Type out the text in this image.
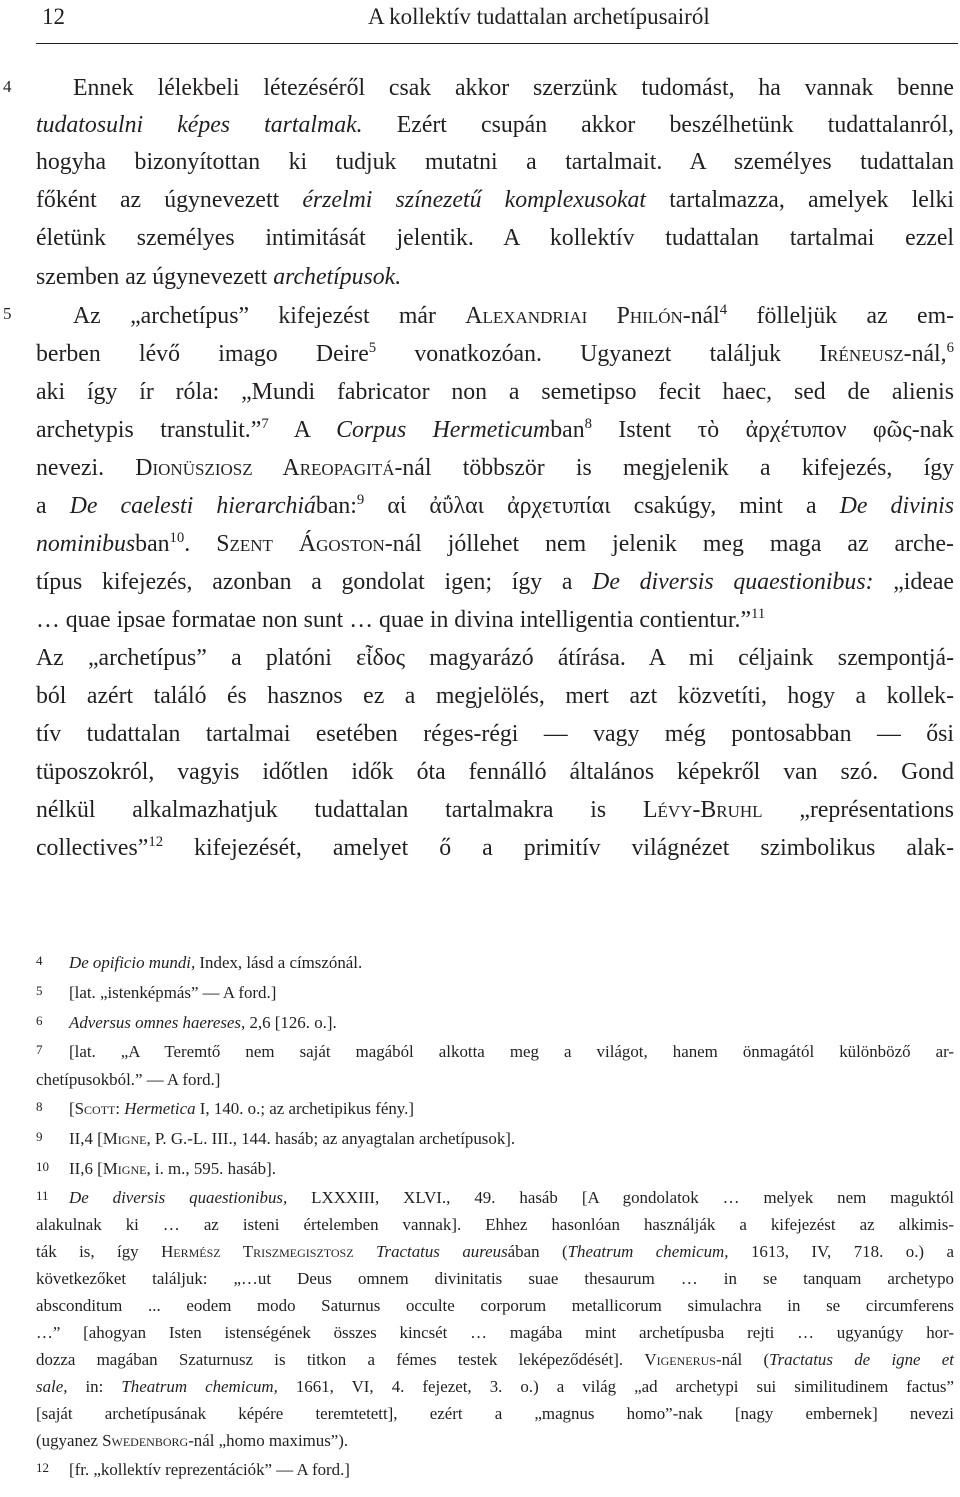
12	A kollektív tudattalan archetípusairól
4
5
Ennek lélekbeli létezéséről csak akkor szerzünk tudomást, ha vannak benne
tudatosulni képes tartalmak. Ezért csupán akkor beszélhetünk tudattalanról,
hogyha bizonyítottan ki tudjuk mutatni a tartalmait. A személyes tudattalan
főként az úgynevezett érzelmi színezetű komplexusokat tartalmazza, amelyek lelki
életünk személyes intimitását jelentik. A kollektív tudattalan tartalmai ezzel
szemben az úgynevezett archetípusok.
Az „archetípus” kifejezést már Alexandriai Philón-nál$^4$ fölleljük az em-
berben lévő imago Deire$^5$ vonatkozóan. Ugyanezt találjuk Iréneusz-nál,$^6$
aki így ír róla: „Mundi fabricator non a semetipso fecit haec, sed de alienis
archetypis transtulit.”$^7$ A Corpus Hermeticumban$^8$ Istent τὸ ἀρχέτυπον φῶς-nak
nevezi. Dionüsziosz Areopagitá-nál többször is megjelenik a kifejezés, így
a De caelesti hierarchiában:$^9$ αἱ ἀΰλαι ἀρχετυπίαι csakúgy, mint a De divinis
nominibusban$^{10}$. Szent Ágoston-nál jóllehet nem jelenik meg maga az arche-
típus kifejezés, azonban a gondolat igen; így a De diversis quaestionibus: „ideae
… quae ipsae formatae non sunt … quae in divina intelligentia contientur.”$^{11}$
Az „archetípus” a platóni εἶδος magyarázó átírása. A mi céljaink szempontjá-
ból azért találó és hasznos ez a megjelölés, mert azt közvetíti, hogy a kollek-
tív tudattalan tartalmai esetében réges-régi — vagy még pontosabban — ősi
tüposzokról, vagyis időtlen idők óta fennálló általános képekről van szó. Gond
nélkül alkalmazhatjuk tudattalan tartalmakra is Lévy-Bruhl „représentations
collectives”$^{12}$ kifejezését, amelyet ő a primitív világnézet szimbolikus alak-
4	De opificio mundi, Index, lásd a címszónál.
5	[lat. „istenképmás” — A ford.]
6	Adversus omnes haereses, 2,6 [126. o.].
7	[lat. „A Teremtő nem saját magából alkotta meg a világot, hanem önmagától különböző ar-
chetípusokból.” — A ford.]
8	[Scott: Hermetica I, 140. o.; az archetipikus fény.]
9	II,4 [Migne, P. G.-L. III., 144. hasáb; az anyagtalan archetípusok].
10 II,6 [Migne, i. m., 595. hasáb].
11 De diversis quaestionibus, LXXXIII, XLVI., 49. hasáb [A gondolatok … melyek nem maguktól
alakulnak ki … az isteni értelemben vannak]. Ehhez hasonlóan használják a kifejezést az alkimis-
ták is, így Hermész Triszmegisztosz Tractatus aureusában (Theatrum chemicum, 1613, IV, 718. o.) a
következőket találjuk: „…ut Deus omnem divinitatis suae thesaurum … in se tanquam archetypo
absconditum ... eodem modo Saturnus occulte corporum metallicorum simulachra in se circumferens
…” [ahogyan Isten istenségének összes kincsét … magába mint archetípusba rejti … ugyanúgy hor-
dozza magában Szaturnusz is titkon a fémes testek leképeződését]. Vigenerus-nál (Tractatus de igne et
sale, in: Theatrum chemicum, 1661, VI, 4. fejezet, 3. o.) a világ „ad archetypi sui similitudinem factus”
[saját archetípusának képére teremtetett], ezért a „magnus homo”-nak [nagy embernek] nevezi
(ugyanez Swedenborg-nál „homo maximus”).
12 [fr. „kollektív reprezentációk” — A ford.]
